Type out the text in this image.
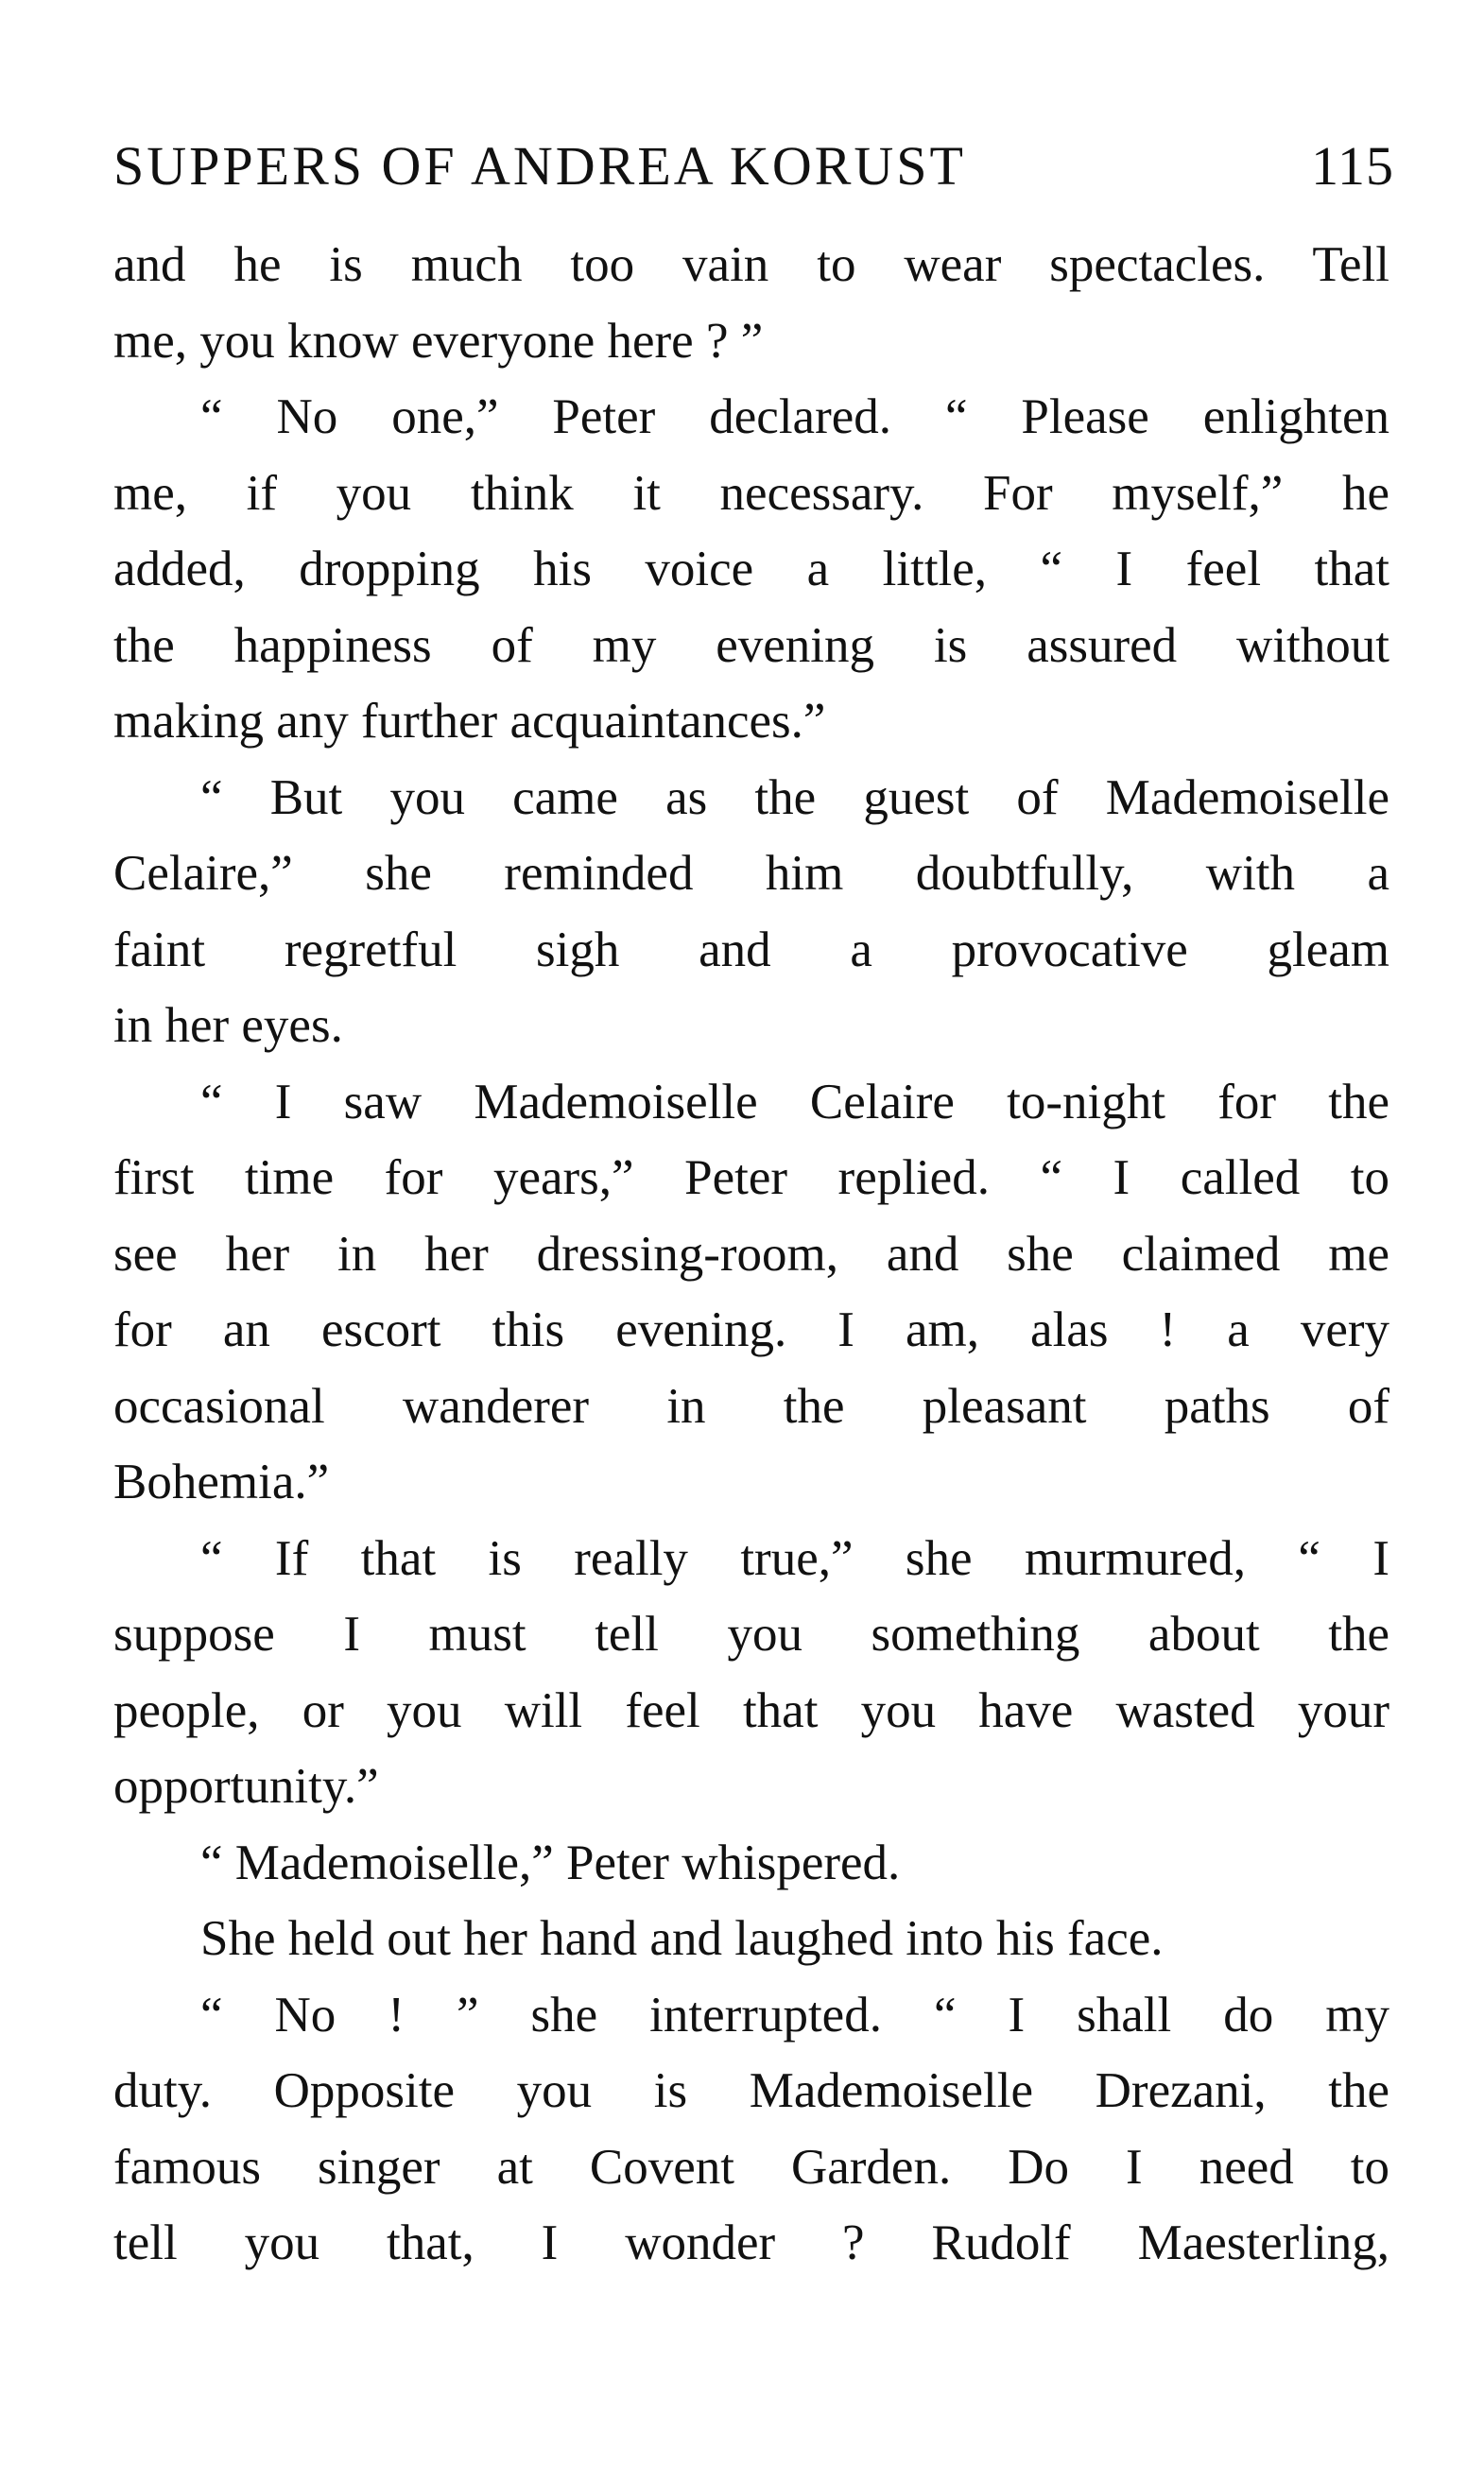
SUPPERS OF ANDREA KORUST	115
and he is much too vain to wear spectacles. Tell
me, you know everyone here ? ”
“ No one,” Peter declared. “ Please enlighten
me, if you think it necessary. For myself,” he
added, dropping his voice a little, “ I feel that
the happiness of my evening is assured without
making any further acquaintances.”
“ But you came as the guest of Mademoiselle
Celaire,” she reminded him doubtfully, with a
faint regretful sigh and a provocative gleam
in her eyes.
“ I saw Mademoiselle Celaire to-night for the
first time for years,” Peter replied. “ I called to
see her in her dressing-room, and she claimed me
for an escort this evening. I am, alas ! a very
occasional wanderer in the pleasant paths of
Bohemia.”
“ If that is really true,” she murmured, “ I
suppose I must tell you something about the
people, or you will feel that you have wasted your
opportunity.”
“ Mademoiselle,” Peter whispered.
She held out her hand and laughed into his face.
“ No ! ” she interrupted. “ I shall do my
duty. Opposite you is Mademoiselle Drezani, the
famous singer at Covent Garden. Do I need to
tell you that, I wonder ? Rudolf Maesterling,
